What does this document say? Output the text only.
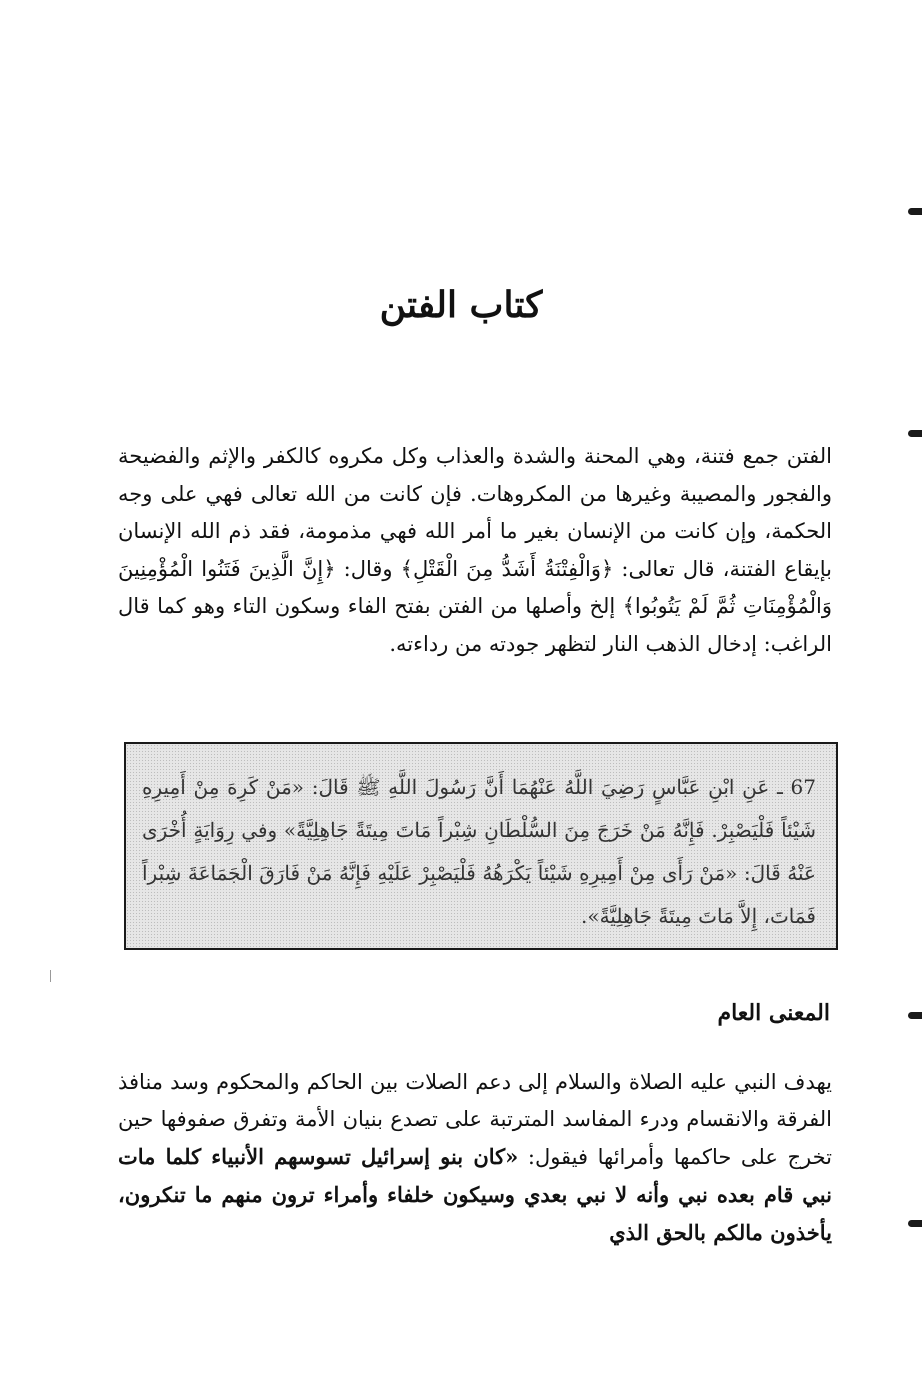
كتاب الفتن

الفتن جمع فتنة، وهي المحنة والشدة والعذاب وكل مكروه كالكفر والإثم والفضيحة والفجور والمصيبة وغيرها من المكروهات. فإن كانت من الله تعالى فهي على وجه الحكمة، وإن كانت من الإنسان بغير ما أمر الله فهي مذمومة، فقد ذم الله الإنسان بإيقاع الفتنة، قال تعالى: ﴿وَالْفِتْنَةُ أَشَدُّ مِنَ الْقَتْلِ﴾ وقال: ﴿إِنَّ الَّذِينَ فَتَنُوا الْمُؤْمِنِينَ وَالْمُؤْمِنَاتِ ثُمَّ لَمْ يَتُوبُوا﴾ إلخ وأصلها من الفتن بفتح الفاء وسكون التاء وهو كما قال الراغب: إدخال الذهب النار لتظهر جودته من رداءته.

67 ـ عَنِ ابْنِ عَبَّاسٍ رَضِيَ اللَّهُ عَنْهُمَا أَنَّ رَسُولَ اللَّهِ ﷺ قَالَ: «مَنْ كَرِهَ مِنْ أَمِيرِهِ شَيْئاً فَلْيَصْبِرْ. فَإِنَّهُ مَنْ خَرَجَ مِنَ السُّلْطَانِ شِبْراً مَاتَ مِيتَةً جَاهِلِيَّةً» وفي رِوَايَةٍ أُخْرَى عَنْهُ قَالَ: «مَنْ رَأَى مِنْ أَمِيرِهِ شَيْئاً يَكْرَهُهُ فَلْيَصْبِرْ عَلَيْهِ فَإِنَّهُ مَنْ فَارَقَ الْجَمَاعَةَ شِبْراً فَمَاتَ، إِلاَّ مَاتَ مِيتَةً جَاهِلِيَّةً».

المعنى العام

يهدف النبي عليه الصلاة والسلام إلى دعم الصلات بين الحاكم والمحكوم وسد منافذ الفرقة والانقسام ودرء المفاسد المترتبة على تصدع بنيان الأمة وتفرق صفوفها حين تخرج على حاكمها وأمرائها فيقول: «كان بنو إسرائيل تسوسهم الأنبياء كلما مات نبي قام بعده نبي وأنه لا نبي بعدي وسيكون خلفاء وأمراء ترون منهم ما تنكرون، يأخذون مالكم بالحق الذي
